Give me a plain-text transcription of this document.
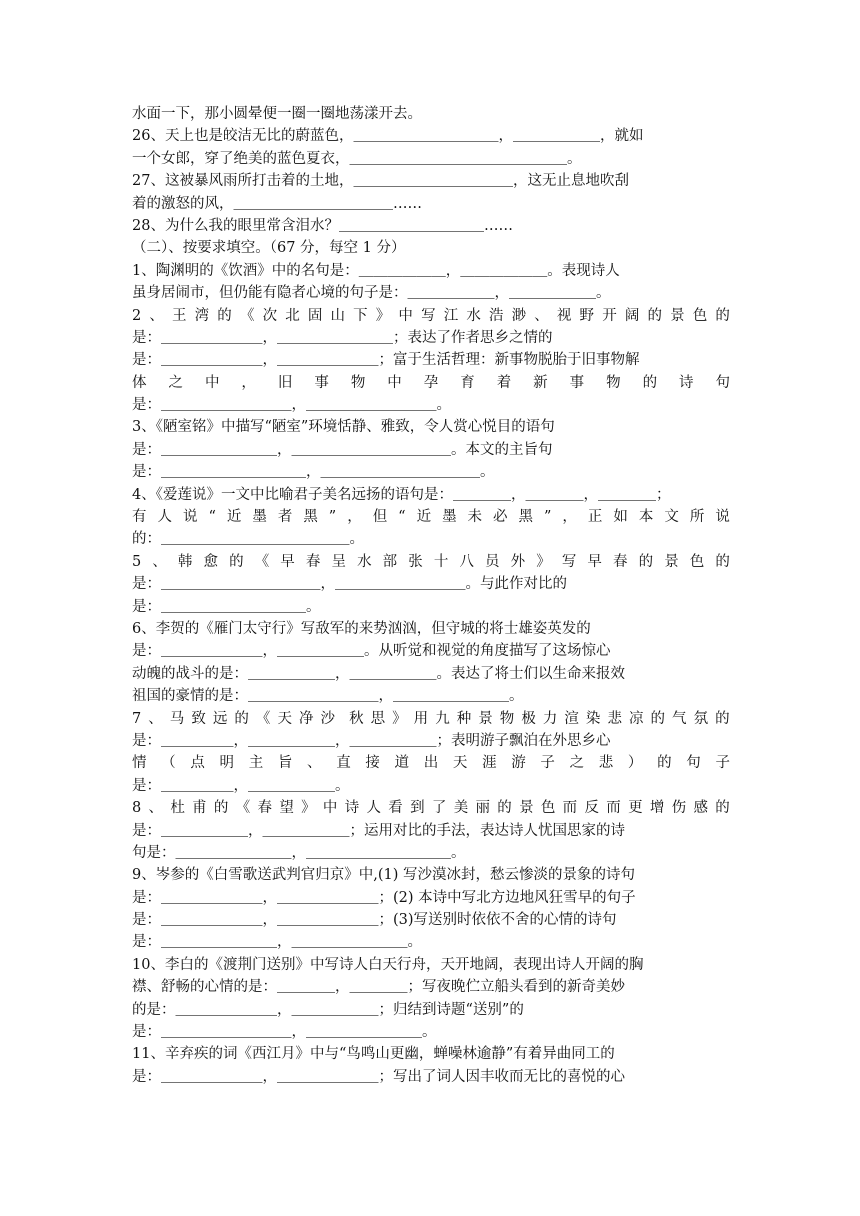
水面一下，那小圆晕便一圈一圈地荡漾开去。
26、天上也是皎洁无比的蔚蓝色，＿＿＿＿＿＿＿＿＿＿，＿＿＿＿＿＿，就如
一个女郎，穿了绝美的蓝色夏衣，＿＿＿＿＿＿＿＿＿＿＿＿＿＿＿。
27、这被暴风雨所打击着的土地，＿＿＿＿＿＿＿＿＿＿＿，这无止息地吹刮
着的激怒的风，＿＿＿＿＿＿＿＿＿＿＿……
28、为什么我的眼里常含泪水？＿＿＿＿＿＿＿＿＿＿……
（二）、按要求填空。（67 分，每空 1 分）
1、陶渊明的《饮酒》中的名句是：＿＿＿＿＿＿，＿＿＿＿＿＿。表现诗人
虽身居闹市，但仍能有隐者心境的句子是：＿＿＿＿＿＿，＿＿＿＿＿＿。
2 、 王 湾 的 《 次 北 固 山 下 》 中 写 江 水 浩 渺 、 视 野 开 阔 的 景 色 的
是：＿＿＿＿＿＿＿，＿＿＿＿＿＿＿＿；表达了作者思乡之情的
是：＿＿＿＿＿＿＿，＿＿＿＿＿＿＿；富于生活哲理：新事物脱胎于旧事物解
体 之 中 ， 旧 事 物 中 孕 育 着 新 事 物 的 诗 句
是：＿＿＿＿＿＿＿＿＿，＿＿＿＿＿＿＿＿＿。
3、《陋室铭》中描写“陋室”环境恬静、雅致，令人赏心悦目的语句
是：＿＿＿＿＿＿＿＿，＿＿＿＿＿＿＿＿＿＿＿。本文的主旨句
是：＿＿＿＿＿＿＿＿＿＿，＿＿＿＿＿＿＿＿＿＿＿。
4、《爱莲说》一文中比喻君子美名远扬的语句是：＿＿＿＿，＿＿＿＿，＿＿＿＿；
有 人 说 “ 近 墨 者 黑 ” ， 但 “ 近 墨 未 必 黑 ” ， 正 如 本 文 所 说
的：＿＿＿＿＿＿＿＿＿＿＿＿＿。
5 、 韩 愈 的 《 早 春 呈 水 部 张 十 八 员 外 》 写 早 春 的 景 色 的
是：＿＿＿＿＿＿＿＿＿＿＿，＿＿＿＿＿＿＿＿＿。与此作对比的
是：＿＿＿＿＿＿＿＿＿＿。
6、李贺的《雁门太守行》写敌军的来势汹汹，但守城的将士雄姿英发的
是：＿＿＿＿＿＿＿，＿＿＿＿＿＿。从听觉和视觉的角度描写了这场惊心
动魄的战斗的是：＿＿＿＿＿＿，＿＿＿＿＿＿。表达了将士们以生命来报效
祖国的豪情的是：＿＿＿＿＿＿＿＿＿，＿＿＿＿＿＿＿＿。
7 、 马 致 远 的 《 天 净 沙 秋 思 》 用 九 种 景 物 极 力 渲 染 悲 凉 的 气 氛 的
是：＿＿＿＿＿，＿＿＿＿＿＿，＿＿＿＿＿＿；表明游子飘泊在外思乡心
情 （ 点 明 主 旨 、 直 接 道 出 天 涯 游 子 之 悲 ） 的 句 子
是：＿＿＿＿＿，＿＿＿＿＿＿。
8 、 杜 甫 的 《 春 望 》 中 诗 人 看 到 了 美 丽 的 景 色 而 反 而 更 增 伤 感 的
是：＿＿＿＿＿＿，＿＿＿＿＿＿；运用对比的手法，表达诗人忧国思家的诗
句是：＿＿＿＿＿＿＿＿，＿＿＿＿＿＿＿＿＿＿。
9、岑参的《白雪歌送武判官归京》中,(1) 写沙漠冰封，愁云惨淡的景象的诗句
是：＿＿＿＿＿＿＿，＿＿＿＿＿＿＿；(2) 本诗中写北方边地风狂雪早的句子
是：＿＿＿＿＿＿＿，＿＿＿＿＿＿＿；(3)写送别时依依不舍的心情的诗句
是：＿＿＿＿＿＿＿＿，＿＿＿＿＿＿＿＿。
10、李白的《渡荆门送别》中写诗人白天行舟，天开地阔，表现出诗人开阔的胸
襟、舒畅的心情的是：＿＿＿＿，＿＿＿＿；写夜晚伫立船头看到的新奇美妙
的是：＿＿＿＿＿＿＿，＿＿＿＿＿＿；归结到诗题“送别”的
是：＿＿＿＿＿＿＿＿＿，＿＿＿＿＿＿＿＿。
11、辛弃疾的词《西江月》中与“鸟鸣山更幽，蝉噪林逾静”有着异曲同工的
是：＿＿＿＿＿＿＿，＿＿＿＿＿＿＿；写出了词人因丰收而无比的喜悦的心
